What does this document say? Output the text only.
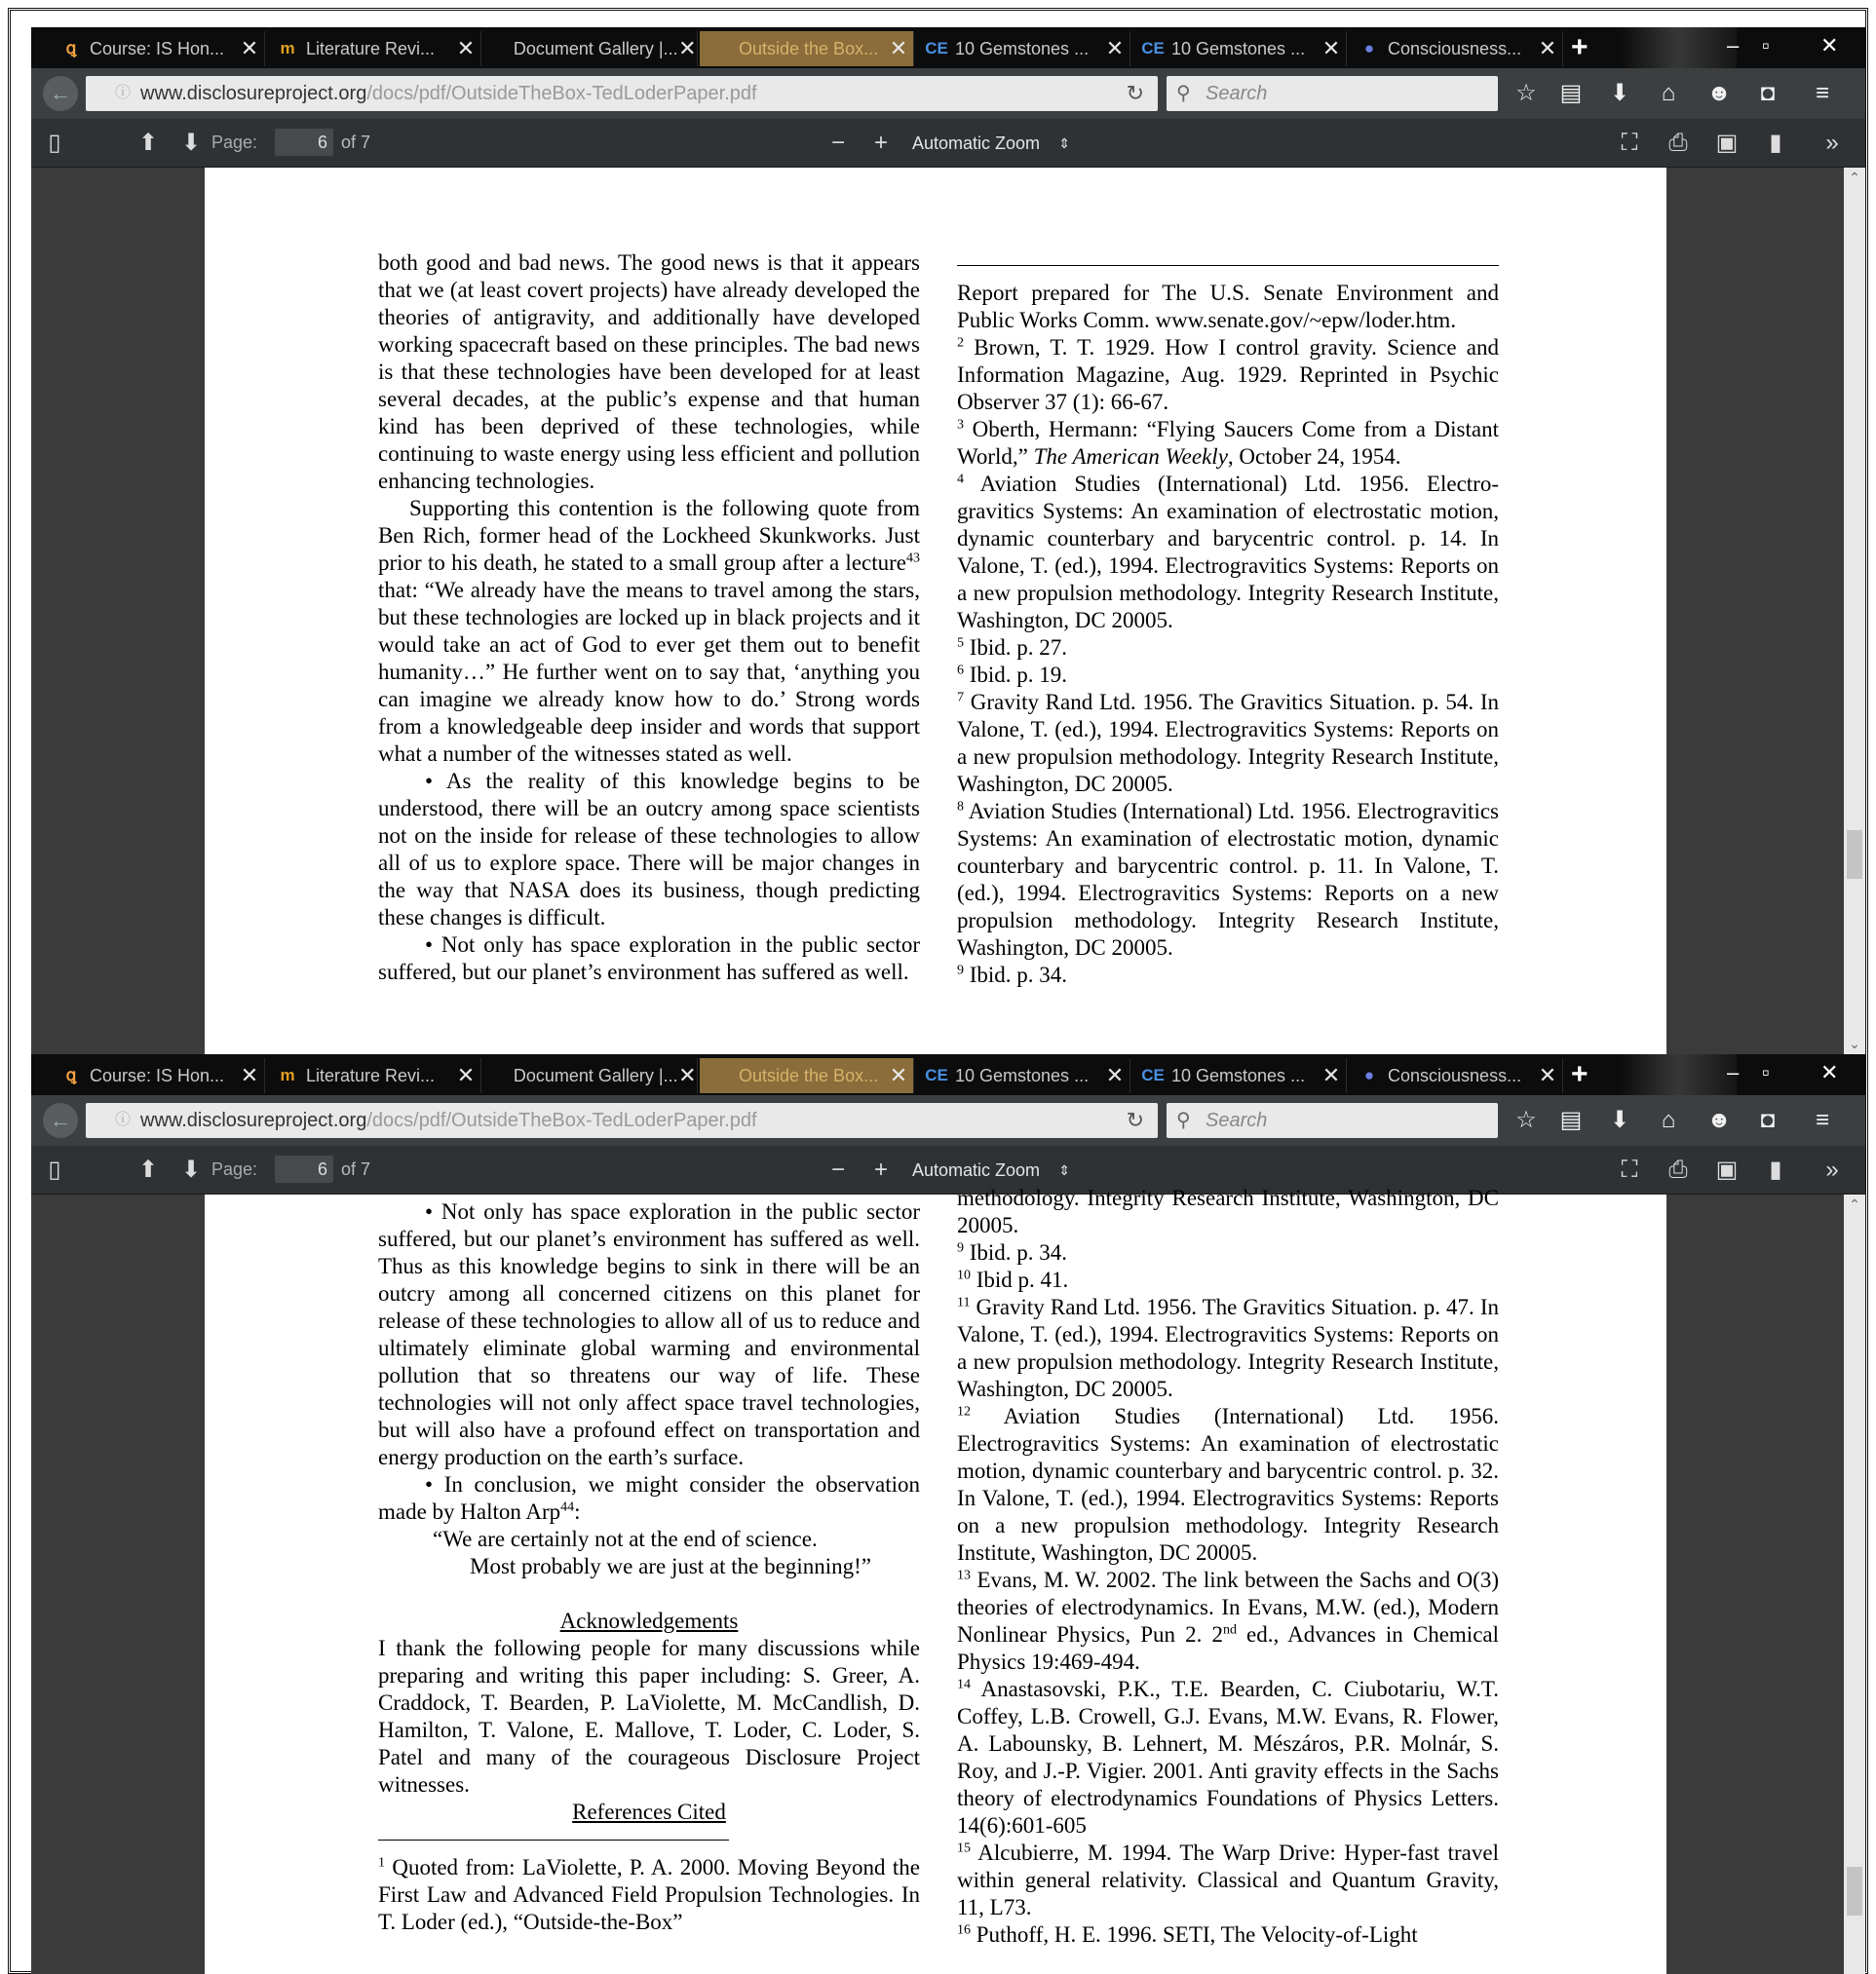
ꝗ Course: IS Hon... ✕	m Literature Revi...	✕	Document Gallery |... ✕ Outside the Box... ✕	CE 10 Gemstones ... ✕	CE 10 Gemstones ... ✕	● Consciousness... ✕ +	– ▫ ✕
←	ⓘ www.disclosureproject.org/docs/pdf/OutsideTheBox-TedLoderPaper.pdf	↻ ⚲ Search	☆ ▤ ⬇	⌂	☻	◘	≡
▯	⬆ ⬇ Page:	6 of 7	−	+	Automatic Zoom ⇕	⛶	⎙ ▣	▮	»
both good and bad news. The good news is that it appears that we (at least covert projects) have already developed the theories of antigravity, and additionally have developed working spacecraft based on these principles. The bad news is that these technologies have been developed for at least several decades, at the public’s expense and that human kind has been deprived of these technologies, while continuing to waste energy using less efficient and pollution enhancing technologies.
Supporting this contention is the following quote from Ben Rich, former head of the Lockheed Skunkworks. Just prior to his death, he stated to a small group after a lecture$^{43}$ that: “We already have the means to travel among the stars, but these technologies are locked up in black projects and it would take an act of God to ever get them out to benefit humanity…” He further went on to say that, ‘anything you can imagine we already know how to do.’ Strong words from a knowledgeable deep insider and words that support what a number of the witnesses stated as well.
• As the reality of this knowledge begins to be understood, there will be an outcry among space scientists not on the inside for release of these technologies to allow all of us to explore space. There will be major changes in the way that NASA does its business, though predicting these changes is difficult.
• Not only has space exploration in the public sector suffered, but our planet’s environment has suffered as well.
Report prepared for The U.S. Senate Environment and Public Works Comm. www.senate.gov/~epw/loder.htm.
$^2$ Brown, T. T. 1929. How I control gravity. Science and Information Magazine, Aug. 1929. Reprinted in Psychic Observer 37 (1): 66-67.
$^3$ Oberth, Hermann: “Flying Saucers Come from a Distant World,” The American Weekly, October 24, 1954.
$^4$ Aviation Studies (International) Ltd. 1956. Electro-gravitics Systems: An examination of electrostatic motion, dynamic counterbary and barycentric control. p. 14. In Valone, T. (ed.), 1994. Electrogravitics Systems: Reports on a new propulsion methodology. Integrity Research Institute, Washington, DC 20005.
$^5$ Ibid. p. 27.
$^6$ Ibid. p. 19.
$^7$ Gravity Rand Ltd. 1956. The Gravitics Situation. p. 54. In Valone, T. (ed.), 1994. Electrogravitics Systems: Reports on a new propulsion methodology. Integrity Research Institute, Washington, DC 20005.
$^8$ Aviation Studies (International) Ltd. 1956. Electrogravitics Systems: An examination of electrostatic motion, dynamic counterbary and barycentric control. p. 11. In Valone, T. (ed.), 1994. Electrogravitics Systems: Reports on a new propulsion methodology. Integrity Research Institute, Washington, DC 20005.
$^9$ Ibid. p. 34.
⌃
⌄
ꝗ Course: IS Hon... ✕	m Literature Revi...	✕	Document Gallery |... ✕ Outside the Box... ✕	CE 10 Gemstones ... ✕	CE 10 Gemstones ... ✕	● Consciousness... ✕ +	– ▫ ✕
←	ⓘ www.disclosureproject.org/docs/pdf/OutsideTheBox-TedLoderPaper.pdf	↻ ⚲ Search	☆ ▤ ⬇	⌂	☻	◘	≡
▯	⬆ ⬇ Page:	6 of 7	−	+	Automatic Zoom ⇕	⛶	⎙ ▣	▮	»
• Not only has space exploration in the public sector suffered, but our planet’s environment has suffered as well. Thus as this knowledge begins to sink in there will be an outcry among all concerned citizens on this planet for release of these technologies to allow all of us to reduce and ultimately eliminate global warming and environmental pollution that so threatens our way of life. These technologies will not only affect space travel technologies, but will also have a profound effect on transportation and energy production on the earth’s surface.
• In conclusion, we might consider the observation made by Halton Arp$^{44}$:
“We are certainly not at the end of science.
Most probably we are just at the beginning!”
Acknowledgements
I thank the following people for many discussions while preparing and writing this paper including: S. Greer, A. Craddock, T. Bearden, P. LaViolette, M. McCandlish, D. Hamilton, T. Valone, E. Mallove, T. Loder, C. Loder, S. Patel and many of the courageous Disclosure Project witnesses.
References Cited
$^1$ Quoted from: LaViolette, P. A. 2000. Moving Beyond the First Law and Advanced Field Propulsion Technologies. In T. Loder (ed.), “Outside-the-Box”
methodology. Integrity Research Institute, Washington, DC 20005.
$^9$ Ibid. p. 34.
$^{10}$ Ibid p. 41.
$^{11}$ Gravity Rand Ltd. 1956. The Gravitics Situation. p. 47. In Valone, T. (ed.), 1994. Electrogravitics Systems: Reports on a new propulsion methodology. Integrity Research Institute, Washington, DC 20005.
$^{12}$ Aviation Studies (International) Ltd. 1956. Electrogravitics Systems: An examination of electrostatic motion, dynamic counterbary and barycentric control. p. 32. In Valone, T. (ed.), 1994. Electrogravitics Systems: Reports on a new propulsion methodology. Integrity Research Institute, Washington, DC 20005.
$^{13}$ Evans, M. W. 2002. The link between the Sachs and O(3) theories of electrodynamics. In Evans, M.W. (ed.), Modern Nonlinear Physics, Pun 2. 2nd ed., Advances in Chemical Physics 19:469-494.
$^{14}$ Anastasovski, P.K., T.E. Bearden, C. Ciubotariu, W.T. Coffey, L.B. Crowell, G.J. Evans, M.W. Evans, R. Flower, A. Labounsky, B. Lehnert, M. Mészáros, P.R. Molnár, S. Roy, and J.-P. Vigier. 2001. Anti gravity effects in the Sachs theory of electrodynamics Foundations of Physics Letters. 14(6):601-605
$^{15}$ Alcubierre, M. 1994. The Warp Drive: Hyper-fast travel within general relativity. Classical and Quantum Gravity, 11, L73.
$^{16}$ Puthoff, H. E. 1996. SETI, The Velocity-of-Light
⌃
